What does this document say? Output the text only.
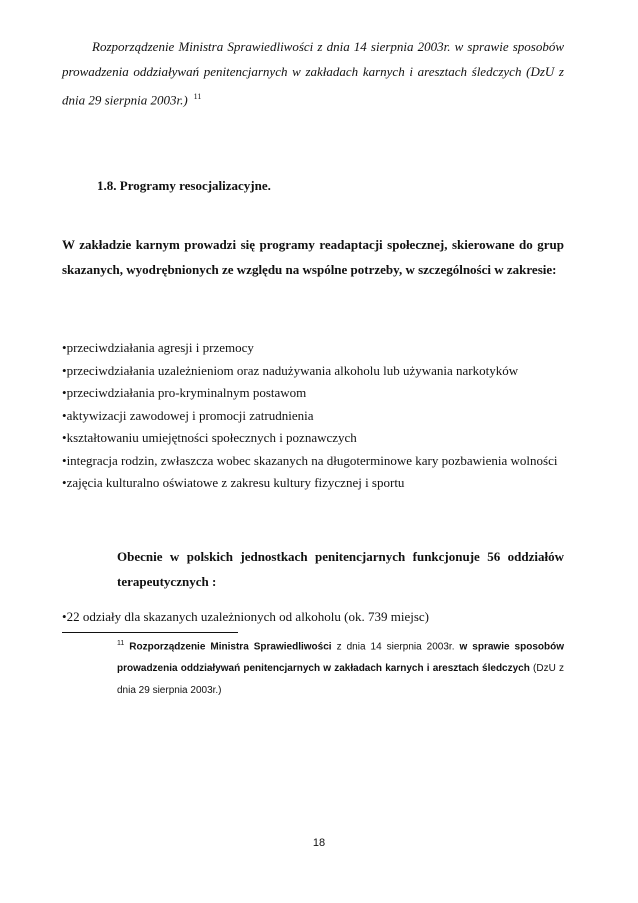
Rozporządzenie Ministra Sprawiedliwości z dnia 14 sierpnia 2003r. w sprawie sposobów prowadzenia oddziaływań penitencjarnych w zakładach karnych i aresztach śledczych (DzU z dnia 29 sierpnia 2003r.) $^{11}$

1.8. Programy resocjalizacyjne.

W zakładzie karnym prowadzi się programy readaptacji społecznej, skierowane do grup skazanych, wyodrębnionych ze względu na wspólne potrzeby, w szczególności w zakresie:

• przeciwdziałania agresji i przemocy
• przeciwdziałania uzależnieniom oraz nadużywania alkoholu lub używania narkotyków
• przeciwdziałania pro-kryminalnym postawom
• aktywizacji zawodowej i promocji zatrudnienia
• kształtowaniu umiejętności społecznych i poznawczych
• integracja rodzin, zwłaszcza wobec skazanych na długoterminowe kary pozbawienia wolności
• zajęcia kulturalno oświatowe z zakresu kultury fizycznej i sportu

Obecnie w polskich jednostkach penitencjarnych funkcjonuje 56 oddziałów terapeutycznych :

• 22 odziały dla skazanych uzależnionych od alkoholu (ok. 739 miejsc)
$^{11}$ Rozporządzenie Ministra Sprawiedliwości z dnia 14 sierpnia 2003r. w sprawie sposobów prowadzenia oddziaływań penitencjarnych w zakładach karnych i aresztach śledczych (DzU z dnia 29 sierpnia 2003r.)
18
